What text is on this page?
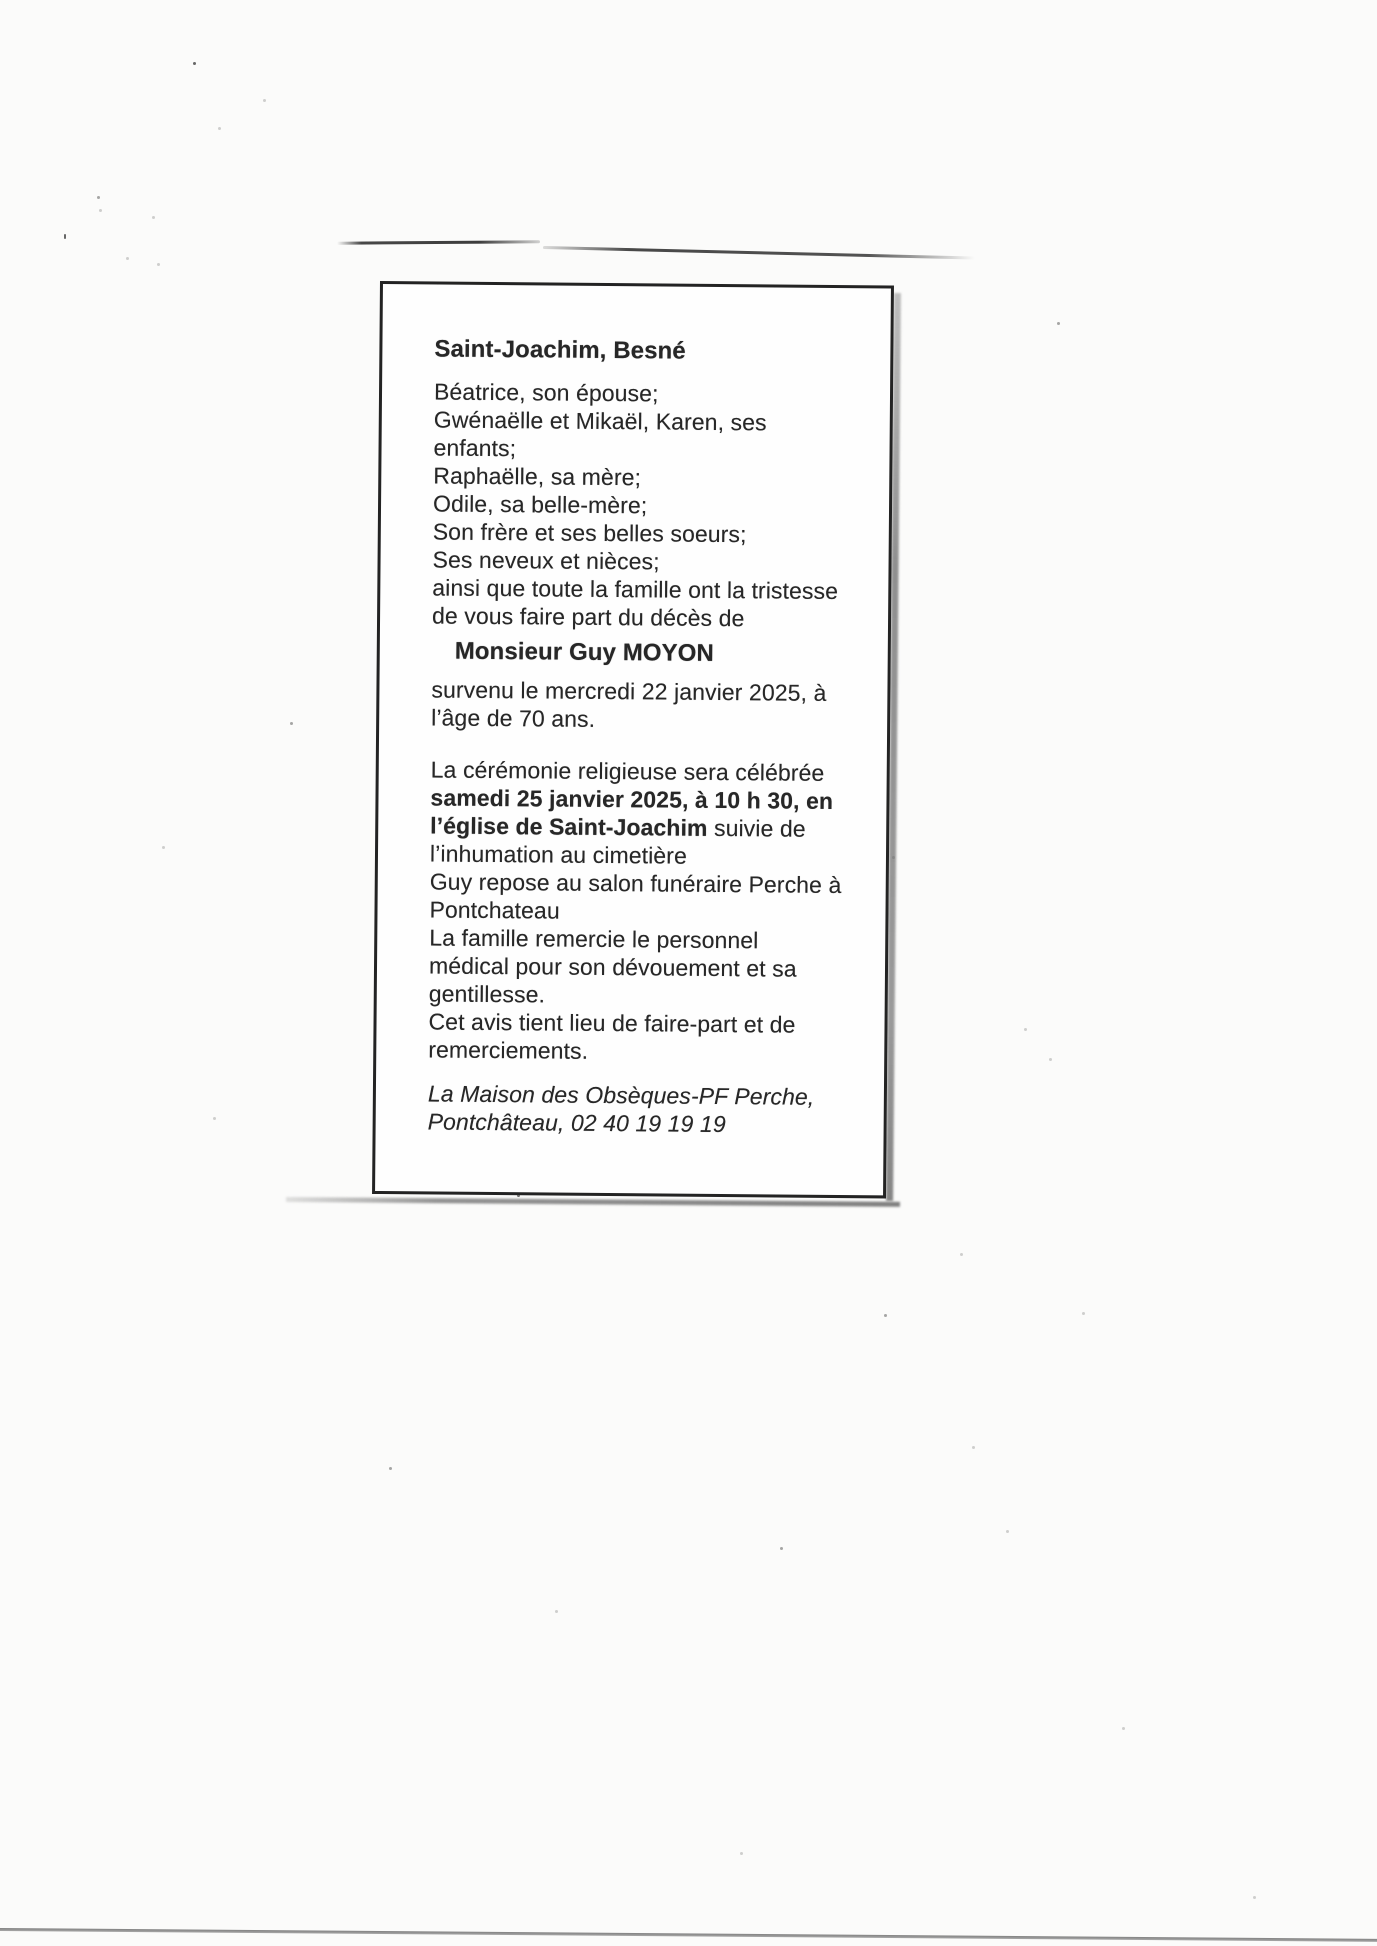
Saint-Joachim, Besné
Béatrice, son épouse;
Gwénaëlle et Mikaël, Karen, ses
enfants;
Raphaëlle, sa mère;
Odile, sa belle-mère;
Son frère et ses belles soeurs;
Ses neveux et nièces;
ainsi que toute la famille ont la tristesse
de vous faire part du décès de
Monsieur Guy MOYON
survenu le mercredi 22 janvier 2025, à
l’âge de 70 ans.
La cérémonie religieuse sera célébrée
samedi 25 janvier 2025, à 10 h 30, en
l’église de Saint-Joachim suivie de
l’inhumation au cimetière
Guy repose au salon funéraire Perche à
Pontchateau
La famille remercie le personnel
médical pour son dévouement et sa
gentillesse.
Cet avis tient lieu de faire-part et de
remerciements.
La Maison des Obsèques-PF Perche,
Pontchâteau, 02 40 19 19 19
